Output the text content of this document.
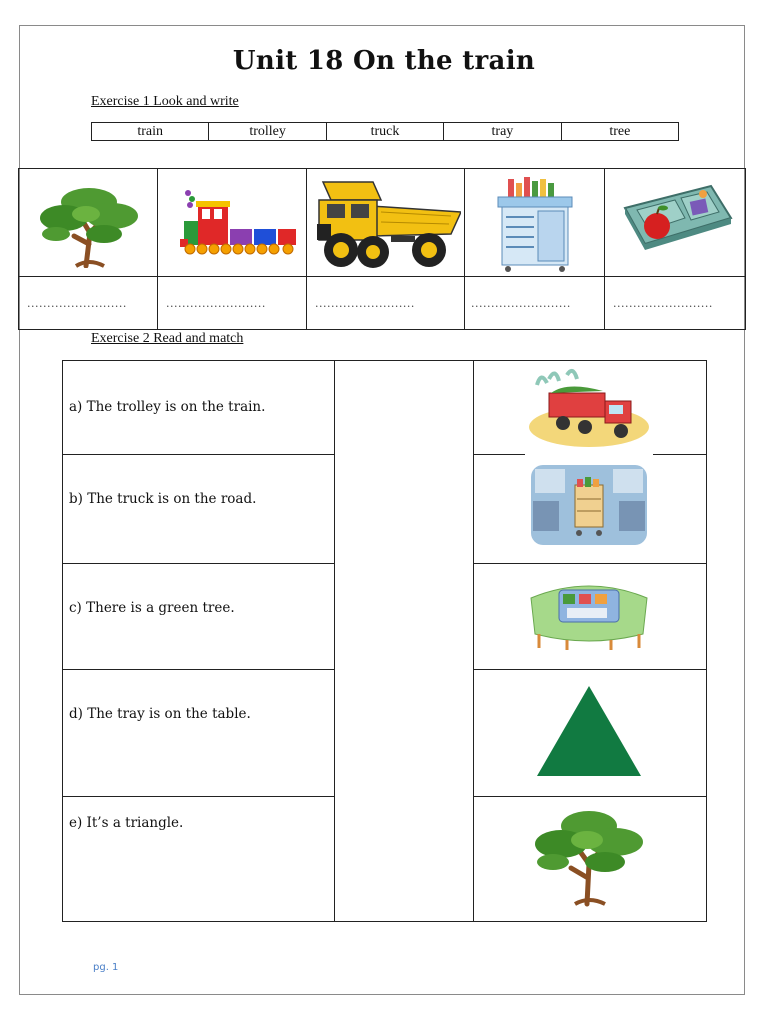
Unit 18 On the train
Exercise 1 Look and write
train	trolley	truck	tray	tree
.........................	.........................	.........................	.........................	.........................
Exercise 2 Read and match
a) The trolley is on the train.
b) The truck is on the road.
c) There is a green tree.
d) The tray is on the table.
e) It’s a triangle.
pg. 1
